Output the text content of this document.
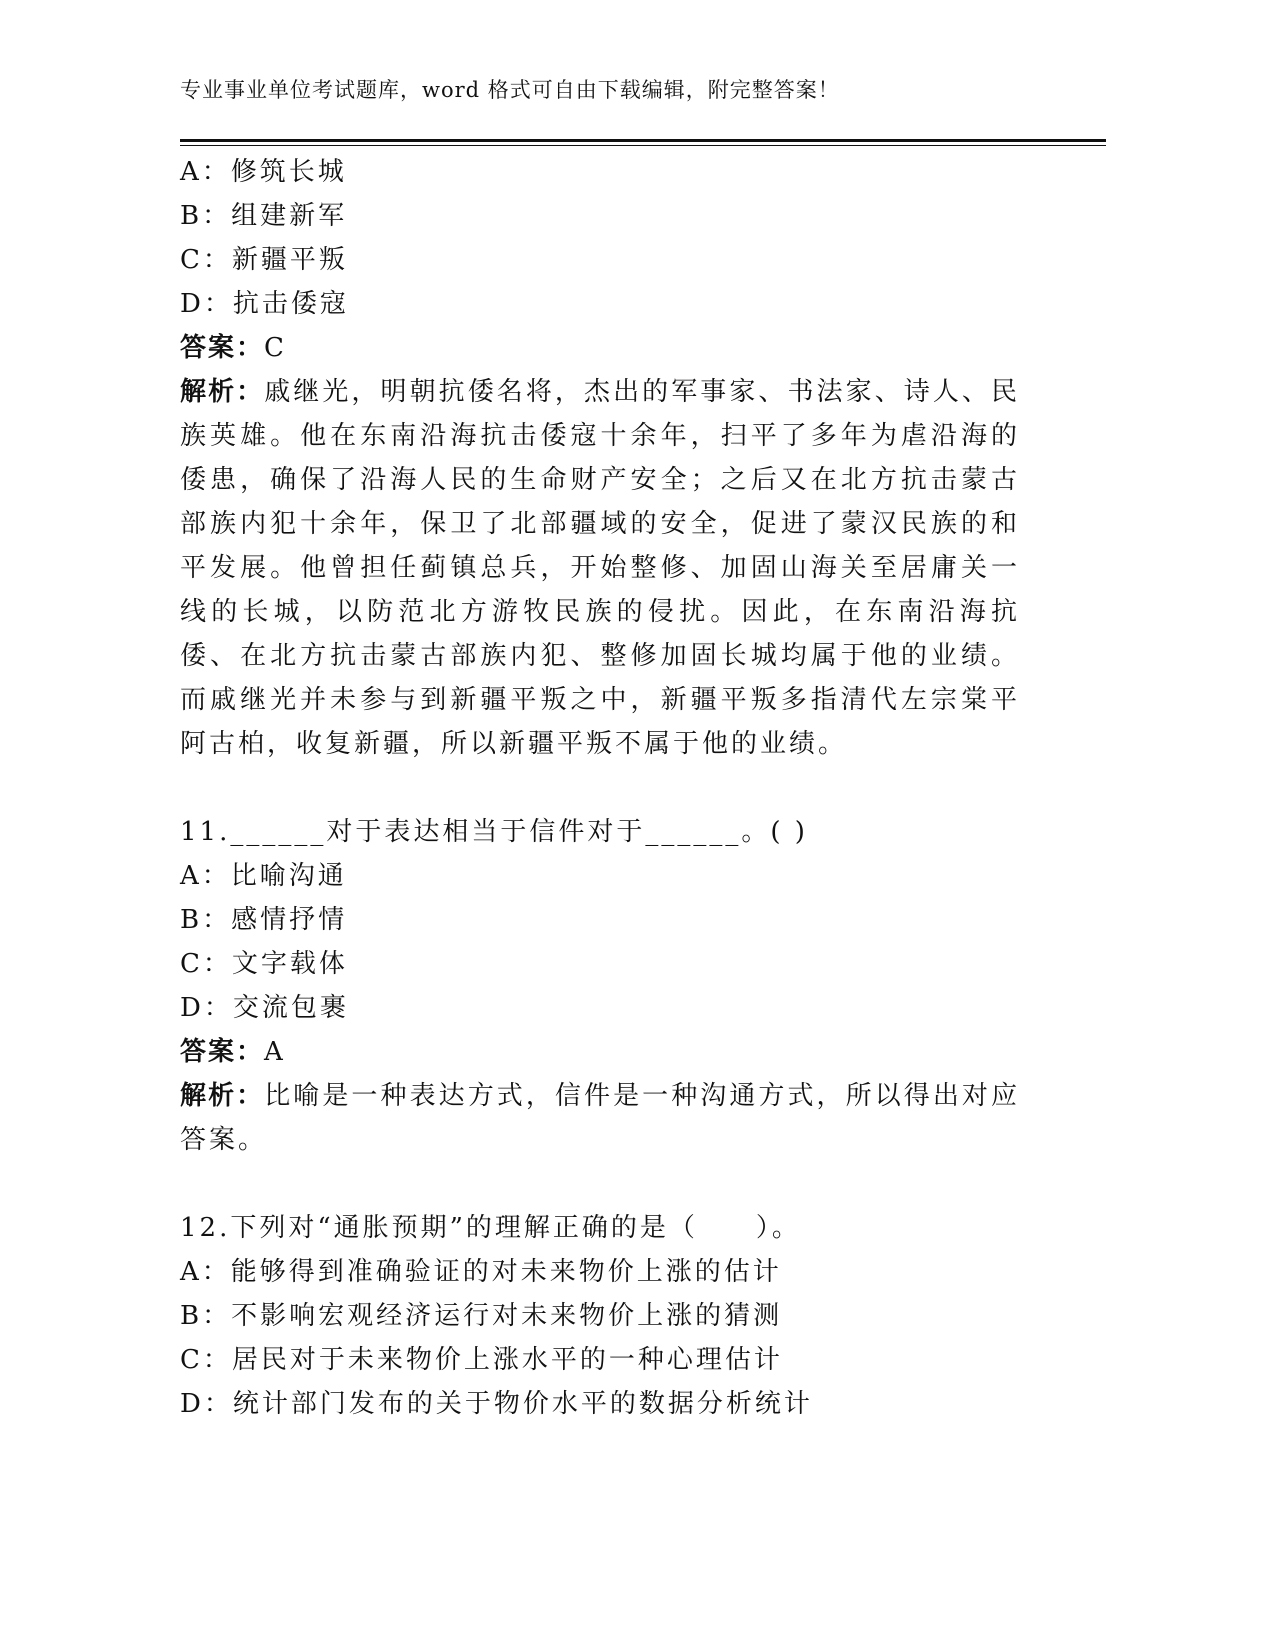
专业事业单位考试题库，word 格式可自由下载编辑，附完整答案！
A：修筑长城
B：组建新军
C：新疆平叛
D：抗击倭寇
答案：C
解析：戚继光，明朝抗倭名将，杰出的军事家、书法家、诗人、民族英雄。他在东南沿海抗击倭寇十余年，扫平了多年为虐沿海的倭患，确保了沿海人民的生命财产安全；之后又在北方抗击蒙古部族内犯十余年，保卫了北部疆域的安全，促进了蒙汉民族的和平发展。他曾担任蓟镇总兵，开始整修、加固山海关至居庸关一线的长城，以防范北方游牧民族的侵扰。因此，在东南沿海抗倭、在北方抗击蒙古部族内犯、整修加固长城均属于他的业绩。而戚继光并未参与到新疆平叛之中，新疆平叛多指清代左宗棠平阿古柏，收复新疆，所以新疆平叛不属于他的业绩。
11.______对于表达相当于信件对于______。( )
A：比喻沟通
B：感情抒情
C：文字载体
D：交流包裹
答案：A
解析：比喻是一种表达方式，信件是一种沟通方式，所以得出对应答案。
12.下列对“通胀预期”的理解正确的是（　　）。
A：能够得到准确验证的对未来物价上涨的估计
B：不影响宏观经济运行对未来物价上涨的猜测
C：居民对于未来物价上涨水平的一种心理估计
D：统计部门发布的关于物价水平的数据分析统计
